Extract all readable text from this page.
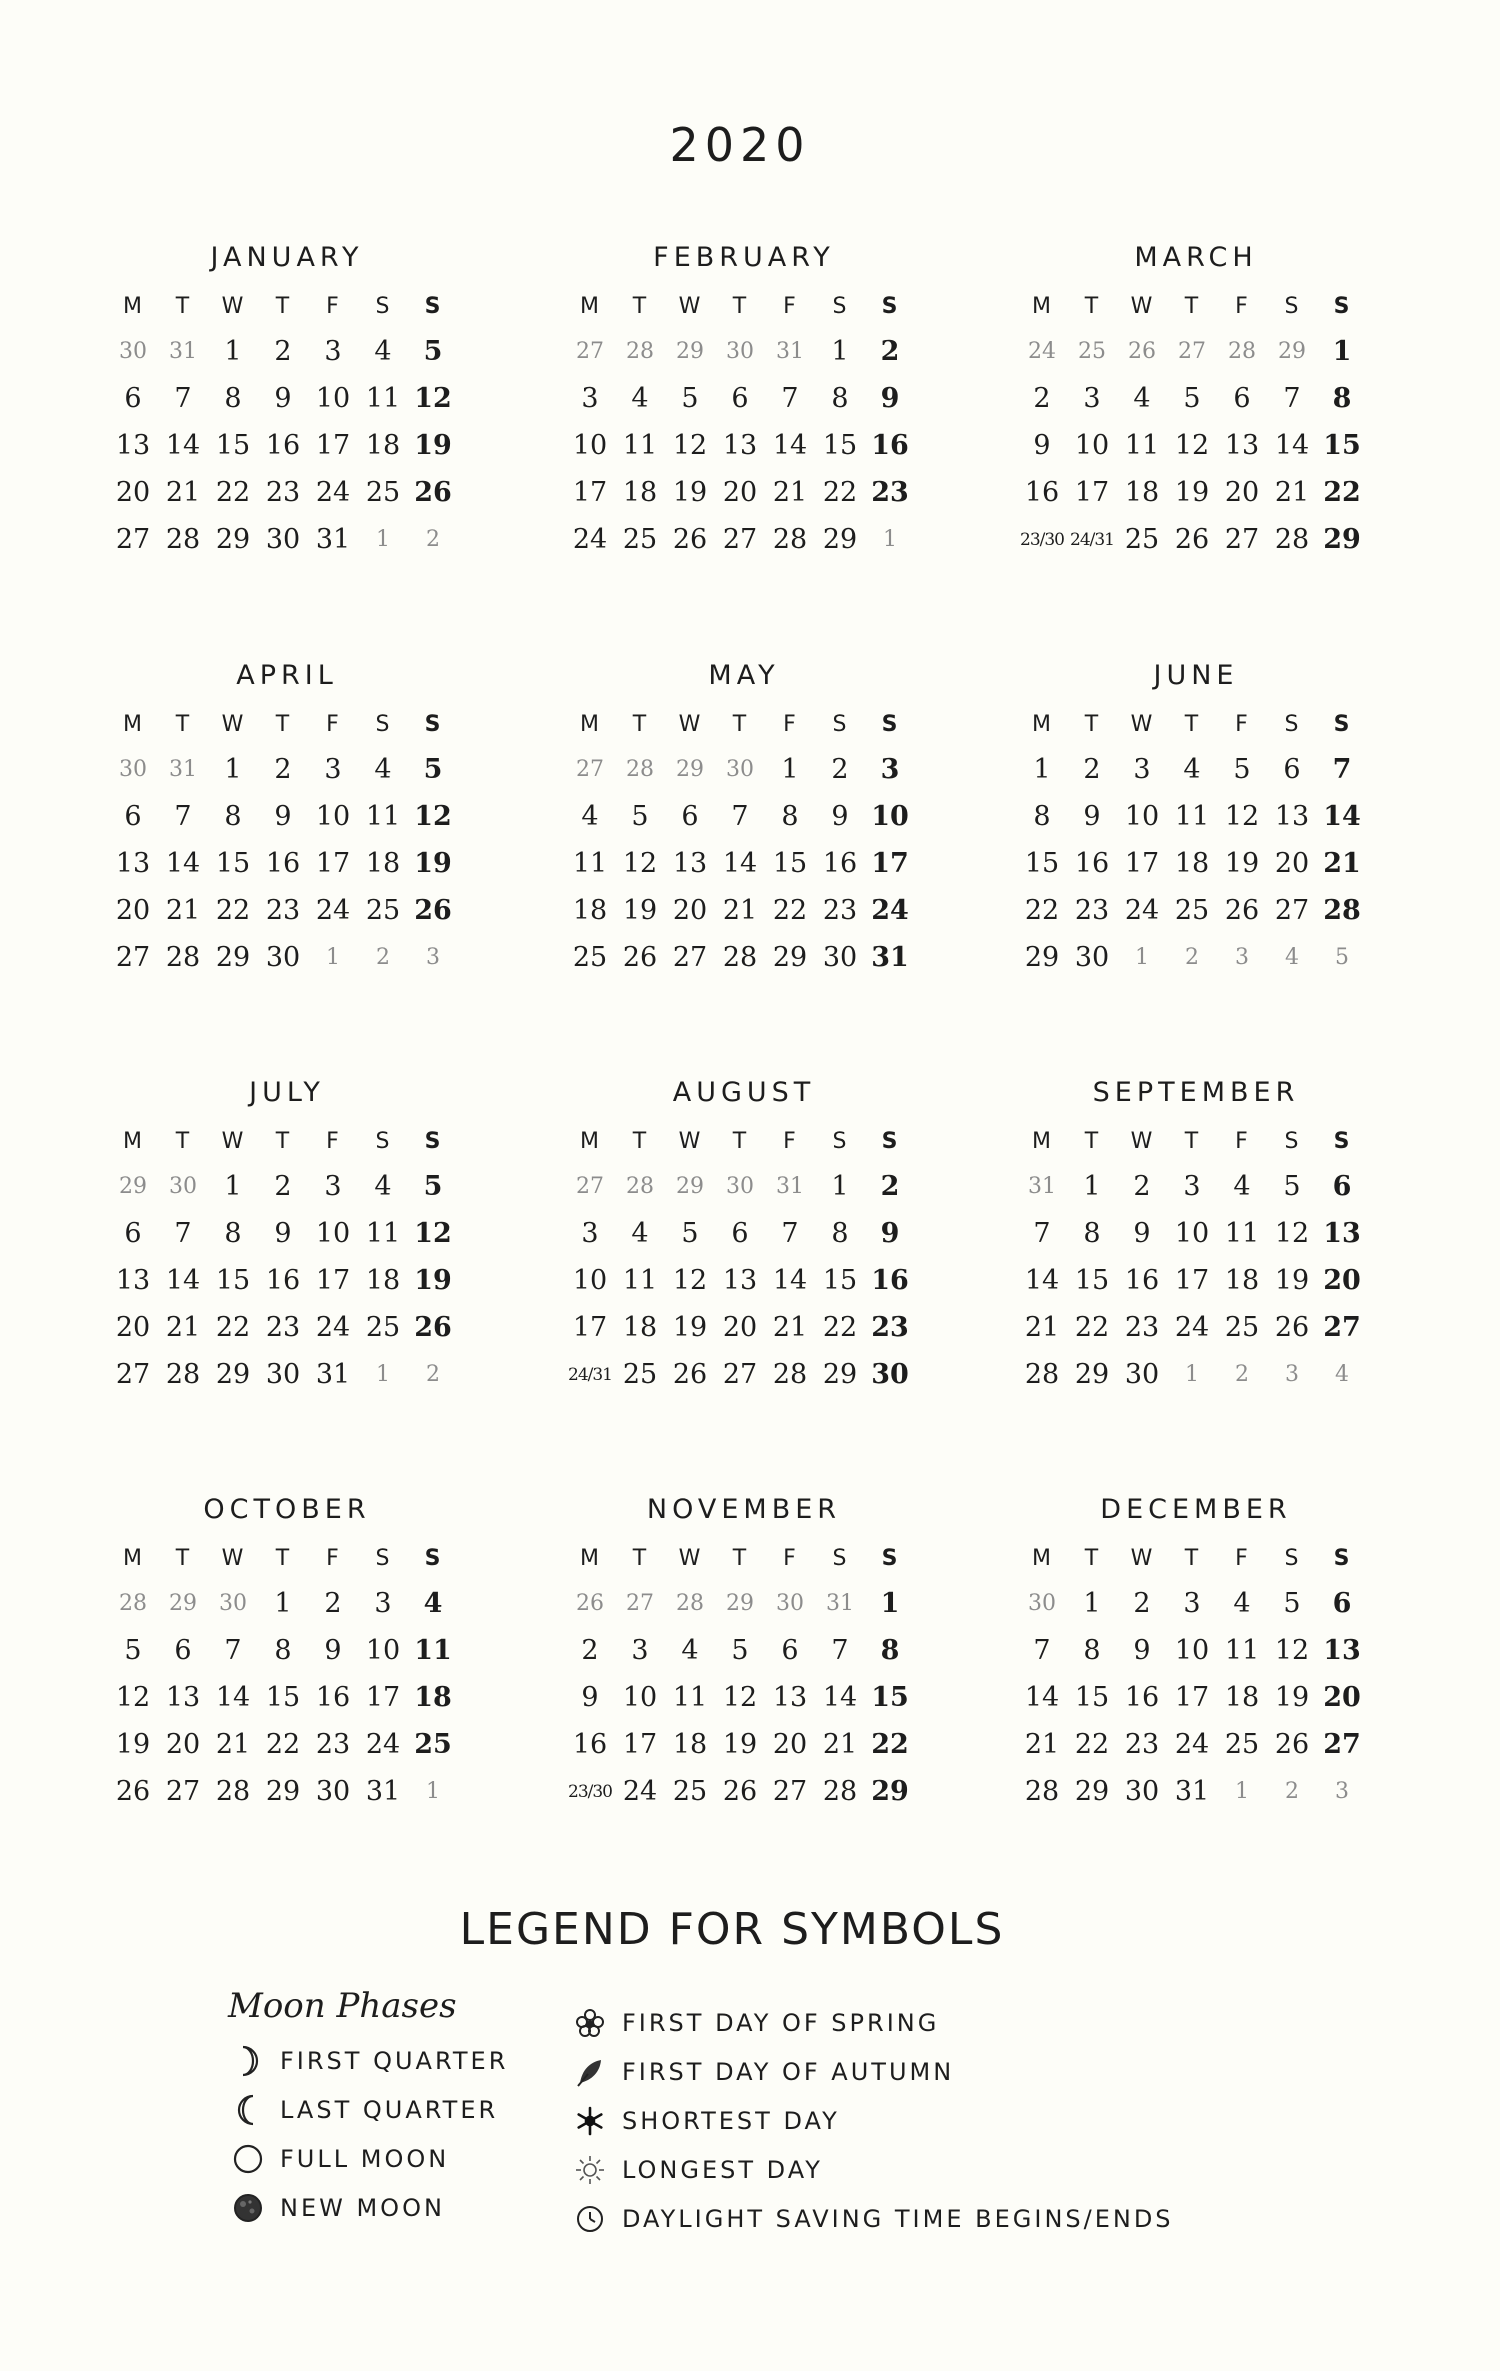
2020
JANUARY
M	T	W	T	F	S	S
30	31	1	2	3	4	5
6	7	8	9 10 11 12
13 14 15 16 17 18 19
20 21 22 23 24 25 26
27 28 29 30 31	1	2
FEBRUARY
M	T	W	T	F	S	S
27	28	29	30	31	1	2
3	4	5	6	7	8	9
10 11 12 13 14 15 16
17 18 19 20 21 22 23
24 25 26 27 28 29	1
MARCH
M	T	W	T	F	S	S
24	25	26	27	28	29 1
2	3	4	5	6	7	8
9 10 11 12 13 14 15
16 17 18 19 20 21 22
23/30 24/31 25 26 27 28 29
APRIL
M	T	W	T	F	S	S
30	31	1	2	3	4	5
6	7	8	9 10 11 12
13 14 15 16 17 18 19
20 21 22 23 24 25 26
27 28 29 30	1	2	3
MAY
M	T	W	T	F	S	S
27	28	29	30	1	2	3
4	5	6	7	8	9 10
11 12 13 14 15 16 17
18 19 20 21 22 23 24
25 26 27 28 29 30 31
JUNE
M	T	W	T	F	S	S
1	2	3	4	5	6	7
8	9 10 11 12 13 14
15 16 17 18 19 20 21
22 23 24 25 26 27 28
29 30	1	2	3	4	5
JULY
M	T	W	T	F	S	S
29	30	1	2	3	4	5
6	7	8	9 10 11 12
13 14 15 16 17 18 19
20 21 22 23 24 25 26
27 28 29 30 31	1	2
AUGUST
M	T	W	T	F	S	S
27	28	29	30	31	1	2
3	4	5	6	7	8	9
10 11 12 13 14 15 16
17 18 19 20 21 22 23
24/31 25 26 27 28 29 30
SEPTEMBER
M	T	W	T	F	S	S
31	1	2	3	4	5	6
7	8	9 10 11 12 13
14 15 16 17 18 19 20
21 22 23 24 25 26 27
28 29 30	1	2	3	4
OCTOBER
M	T	W	T	F	S	S
28	29	30	1	2	3	4
5	6	7	8	9 10 11
12 13 14 15 16 17 18
19 20 21 22 23 24 25
26 27 28 29 30 31	1
NOVEMBER
M	T	W	T	F	S	S
26	27	28	29	30	31 1
2	3	4	5	6	7	8
9 10 11 12 13 14 15
16 17 18 19 20 21 22
23/30 24 25 26 27 28 29
DECEMBER
M	T	W	T	F	S	S
30	1	2	3	4	5	6
7	8	9 10 11 12 13
14 15 16 17 18 19 20
21 22 23 24 25 26 27
28 29 30 31	1	2	3
LEGEND FOR SYMBOLS
Moon Phases
FIRST QUARTER
LAST QUARTER
FULL MOON
NEW MOON
FIRST DAY OF SPRING
FIRST DAY OF AUTUMN
SHORTEST DAY
LONGEST DAY
DAYLIGHT SAVING TIME BEGINS/ENDS
